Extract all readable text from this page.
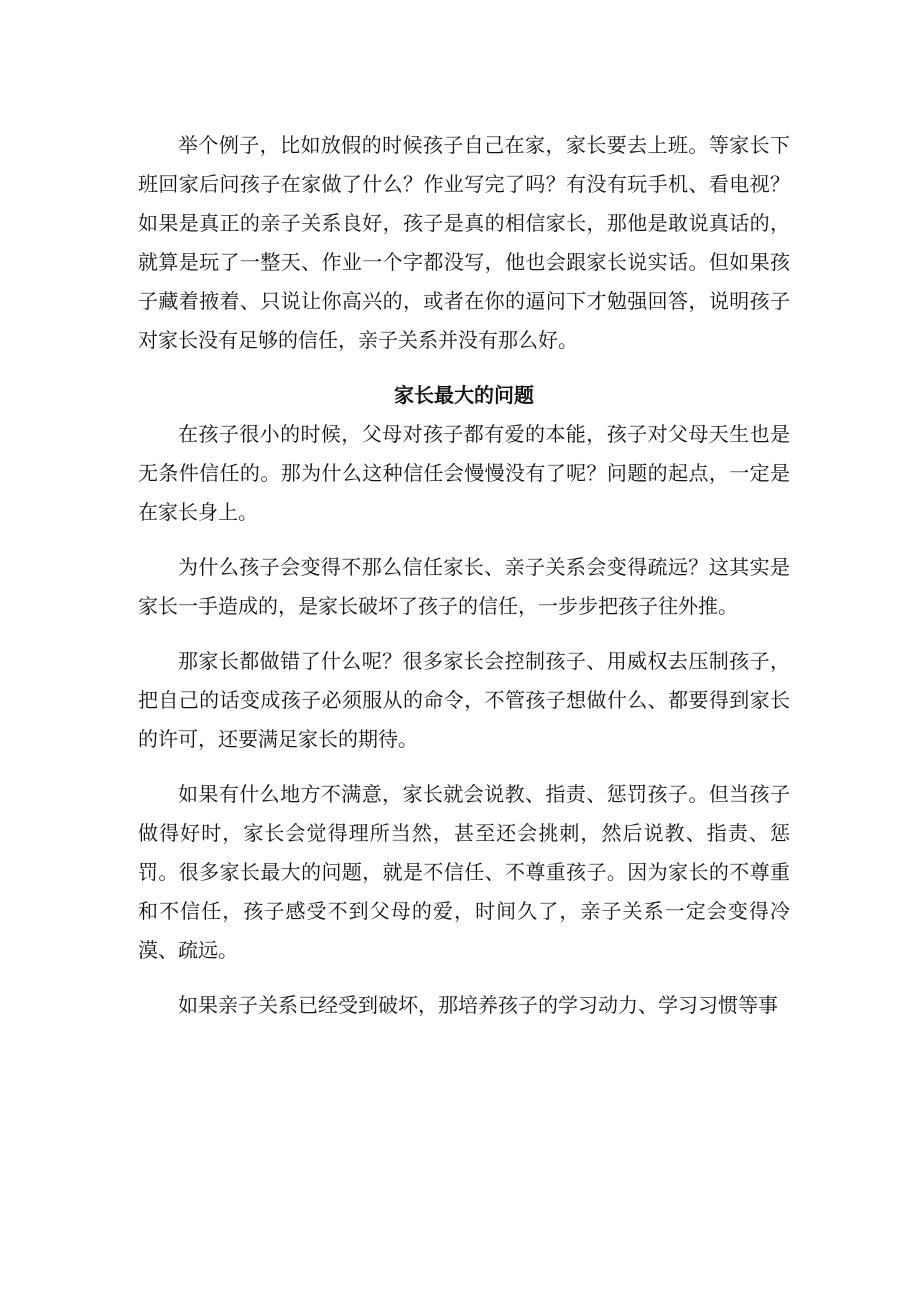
举个例子，比如放假的时候孩子自己在家，家长要去上班。等家长下班回家后问孩子在家做了什么？作业写完了吗？有没有玩手机、看电视？如果是真正的亲子关系良好，孩子是真的相信家长，那他是敢说真话的，就算是玩了一整天、作业一个字都没写，他也会跟家长说实话。但如果孩子藏着掖着、只说让你高兴的，或者在你的逼问下才勉强回答，说明孩子对家长没有足够的信任，亲子关系并没有那么好。

家长最大的问题

在孩子很小的时候，父母对孩子都有爱的本能，孩子对父母天生也是无条件信任的。那为什么这种信任会慢慢没有了呢？问题的起点，一定是在家长身上。

为什么孩子会变得不那么信任家长、亲子关系会变得疏远？这其实是家长一手造成的，是家长破坏了孩子的信任，一步步把孩子往外推。

那家长都做错了什么呢？很多家长会控制孩子、用威权去压制孩子，把自己的话变成孩子必须服从的命令，不管孩子想做什么、都要得到家长的许可，还要满足家长的期待。

如果有什么地方不满意，家长就会说教、指责、惩罚孩子。但当孩子做得好时，家长会觉得理所当然，甚至还会挑刺，然后说教、指责、惩罚。很多家长最大的问题，就是不信任、不尊重孩子。因为家长的不尊重和不信任，孩子感受不到父母的爱，时间久了，亲子关系一定会变得冷漠、疏远。

如果亲子关系已经受到破坏，那培养孩子的学习动力、学习习惯等事
